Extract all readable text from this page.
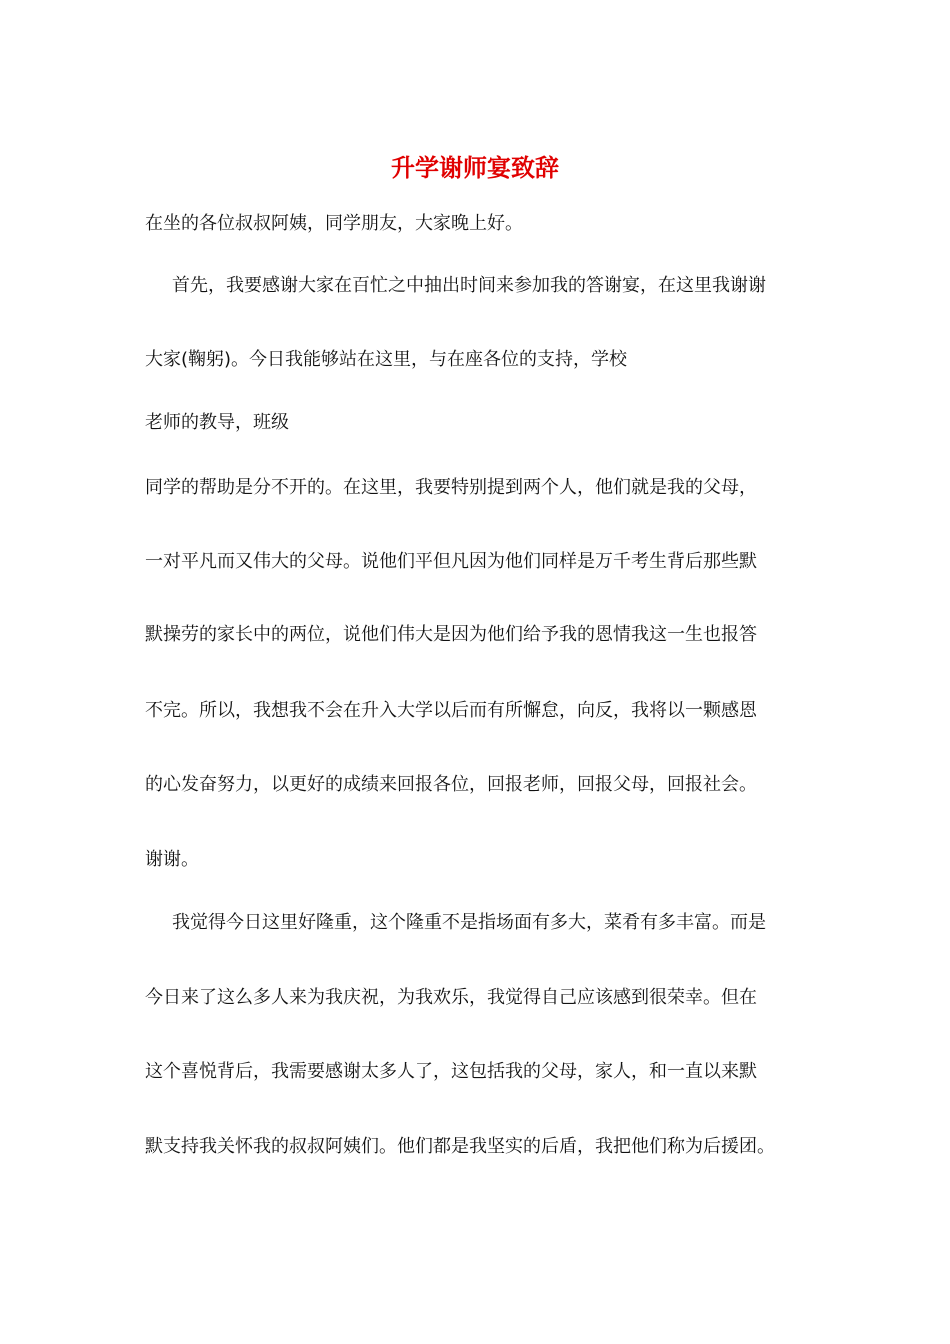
升学谢师宴致辞
在坐的各位叔叔阿姨，同学朋友，大家晚上好。
首先，我要感谢大家在百忙之中抽出时间来参加我的答谢宴，在这里我谢谢
大家(鞠躬)。今日我能够站在这里，与在座各位的支持，学校
老师的教导，班级
同学的帮助是分不开的。在这里，我要特别提到两个人，他们就是我的父母，
一对平凡而又伟大的父母。说他们平但凡因为他们同样是万千考生背后那些默
默操劳的家长中的两位，说他们伟大是因为他们给予我的恩情我这一生也报答
不完。所以，我想我不会在升入大学以后而有所懈怠，向反，我将以一颗感恩
的心发奋努力，以更好的成绩来回报各位，回报老师，回报父母，回报社会。
谢谢。
我觉得今日这里好隆重，这个隆重不是指场面有多大，菜肴有多丰富。而是
今日来了这么多人来为我庆祝，为我欢乐，我觉得自己应该感到很荣幸。但在
这个喜悦背后，我需要感谢太多人了，这包括我的父母，家人，和一直以来默
默支持我关怀我的叔叔阿姨们。他们都是我坚实的后盾，我把他们称为后援团。
